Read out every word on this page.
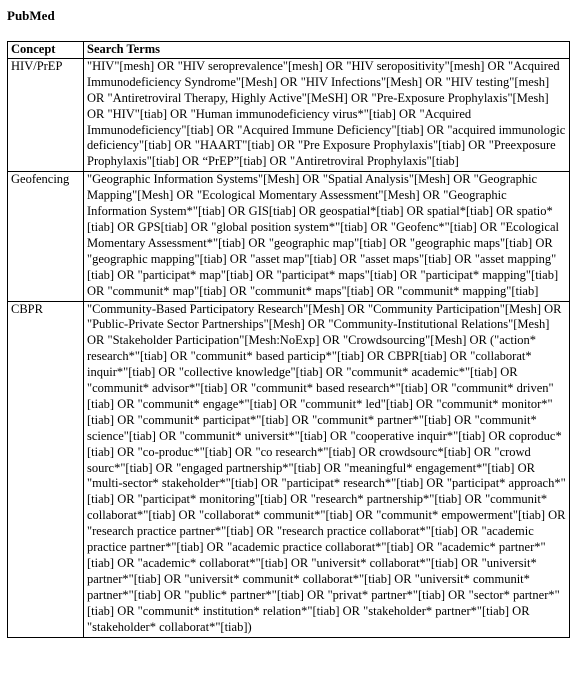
PubMed
Concept	Search Terms
HIV/PrEP	"HIV"[mesh] OR "HIV seroprevalence"[mesh] OR "HIV seropositivity"[mesh] OR "Acquired Immunodeficiency Syndrome"[Mesh] OR "HIV Infections"[Mesh] OR "HIV testing"[mesh] OR "Antiretroviral Therapy, Highly Active"[MeSH] OR "Pre-Exposure Prophylaxis"[Mesh] OR "HIV"[tiab] OR "Human immunodeficiency virus*"[tiab] OR "Acquired Immunodeficiency"[tiab] OR "Acquired Immune Deficiency"[tiab] OR "acquired immunologic deficiency"[tiab] OR "HAART"[tiab] OR "Pre Exposure Prophylaxis"[tiab] OR "Preexposure Prophylaxis"[tiab] OR “PrEP”[tiab] OR "Antiretroviral Prophylaxis"[tiab]
Geofencing	"Geographic Information Systems"[Mesh] OR "Spatial Analysis"[Mesh] OR "Geographic Mapping"[Mesh] OR "Ecological Momentary Assessment"[Mesh] OR "Geographic Information System*"[tiab] OR GIS[tiab] OR geospatial*[tiab] OR spatial*[tiab] OR spatio*[tiab] OR GPS[tiab] OR "global position system*"[tiab] OR "Geofenc*"[tiab] OR "Ecological Momentary Assessment*"[tiab] OR "geographic map"[tiab] OR "geographic maps"[tiab] OR "geographic mapping"[tiab] OR "asset map"[tiab] OR "asset maps"[tiab] OR "asset mapping"[tiab] OR "participat* map"[tiab] OR "participat* maps"[tiab] OR "participat* mapping"[tiab] OR "communit* map"[tiab] OR "communit* maps"[tiab] OR "communit* mapping"[tiab]
CBPR	"Community-Based Participatory Research"[Mesh] OR "Community Participation"[Mesh] OR "Public-Private Sector Partnerships"[Mesh] OR "Community-Institutional Relations"[Mesh] OR "Stakeholder Participation"[Mesh:NoExp] OR "Crowdsourcing"[Mesh] OR ("action* research*"[tiab] OR "communit* based particip*"[tiab] OR CBPR[tiab] OR "collaborat* inquir*"[tiab] OR "collective knowledge"[tiab] OR "communit* academic*"[tiab] OR "communit* advisor*"[tiab] OR "communit* based research*"[tiab] OR "communit* driven"[tiab] OR "communit* engage*"[tiab] OR "communit* led"[tiab] OR "communit* monitor*"[tiab] OR "communit* participat*"[tiab] OR "communit* partner*"[tiab] OR "communit* science"[tiab] OR "communit* universit*"[tiab] OR "cooperative inquir*"[tiab] OR coproduc*[tiab] OR "co-produc*"[tiab] OR "co research*"[tiab] OR crowdsourc*[tiab] OR "crowd sourc*"[tiab] OR "engaged partnership*"[tiab] OR "meaningful* engagement*"[tiab] OR "multi-sector* stakeholder*"[tiab] OR "participat* research*"[tiab] OR "participat* approach*"[tiab] OR "participat* monitoring"[tiab] OR "research* partnership*"[tiab] OR "communit* collaborat*"[tiab] OR "collaborat* communit*"[tiab] OR "communit* empowerment"[tiab] OR "research practice partner*"[tiab] OR "research practice collaborat*"[tiab] OR "academic practice partner*"[tiab] OR "academic practice collaborat*"[tiab] OR "academic* partner*"[tiab] OR "academic* collaborat*"[tiab] OR "universit* collaborat*"[tiab] OR "universit* partner*"[tiab] OR "universit* communit* collaborat*"[tiab] OR "universit* communit* partner*"[tiab] OR "public* partner*"[tiab] OR "privat* partner*"[tiab] OR "sector* partner*"[tiab] OR "communit* institution* relation*"[tiab] OR "stakeholder* partner*"[tiab] OR "stakeholder* collaborat*"[tiab])
